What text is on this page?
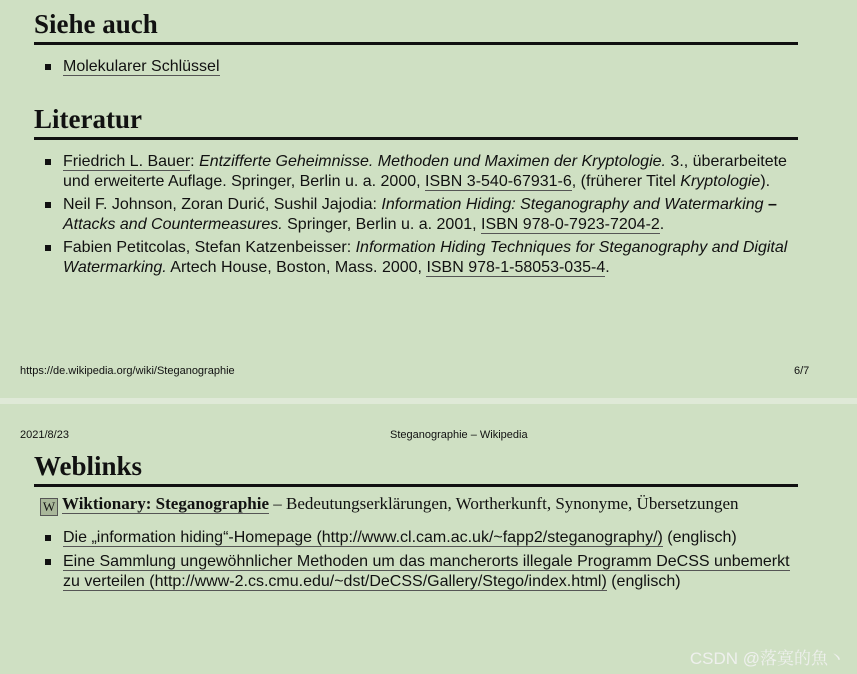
Siehe auch
Molekularer Schlüssel
Literatur
Friedrich L. Bauer: Entzifferte Geheimnisse. Methoden und Maximen der Kryptologie. 3., überarbeitete und erweiterte Auflage. Springer, Berlin u. a. 2000, ISBN 3-540-67931-6, (früherer Titel Kryptologie).
Neil F. Johnson, Zoran Durić, Sushil Jajodia: Information Hiding: Steganography and Watermarking – Attacks and Countermeasures. Springer, Berlin u. a. 2001, ISBN 978-0-7923-7204-2.
Fabien Petitcolas, Stefan Katzenbeisser: Information Hiding Techniques for Steganography and Digital Watermarking. Artech House, Boston, Mass. 2000, ISBN 978-1-58053-035-4.
https://de.wikipedia.org/wiki/Steganographie	6/7
2021/8/23	Steganographie – Wikipedia
Weblinks
W Wiktionary: Steganographie – Bedeutungserklärungen, Wortherkunft, Synonyme, Übersetzungen
Die „information hiding“-Homepage (http://www.cl.cam.ac.uk/~fapp2/steganography/) (englisch)
Eine Sammlung ungewöhnlicher Methoden um das mancherorts illegale Programm DeCSS unbemerkt zu verteilen (http://www-2.cs.cmu.edu/~dst/DeCSS/Gallery/Stego/index.html) (englisch)
CSDN @落寞的魚丶
